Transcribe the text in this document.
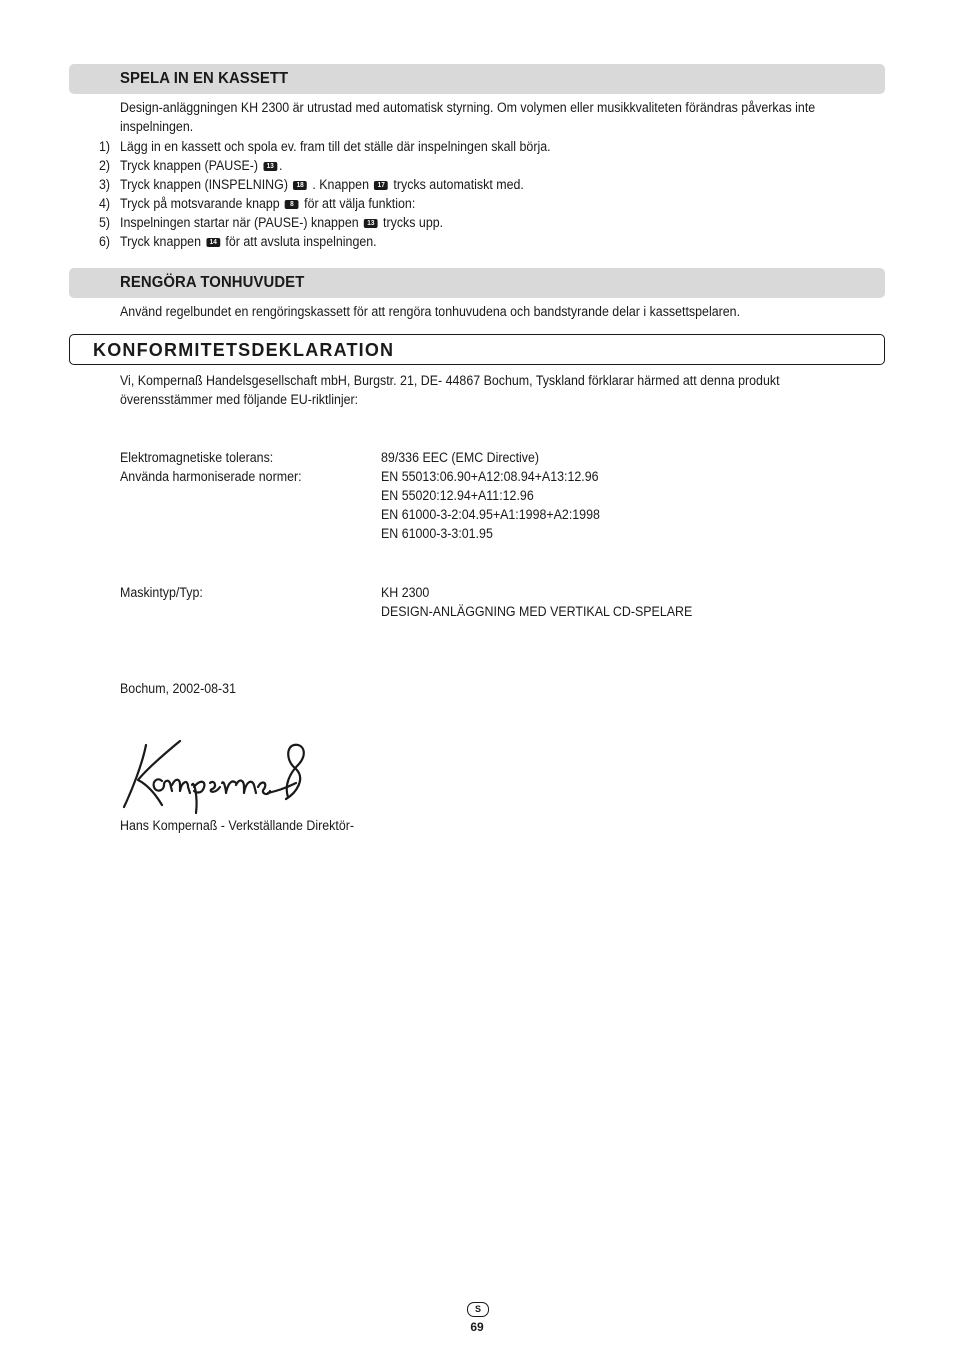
SPELA IN EN KASSETT
Design-anläggningen KH 2300 är utrustad med automatisk styrning. Om volymen eller musikkvaliteten förändras påverkas inte
inspelningen.
1) Lägg in en kassett och spola ev. fram till det ställe där inspelningen skall börja.
2) Tryck knappen (PAUSE-) 13 .
3) Tryck knappen (INSPELNING) 18 . Knappen 17 trycks automatiskt med.
4) Tryck på motsvarande knapp 8 för att välja funktion:
5) Inspelningen startar när (PAUSE-) knappen 13 trycks upp.
6) Tryck knappen 14 för att avsluta inspelningen.
RENGÖRA TONHUVUDET
Använd regelbundet en rengöringskassett för att rengöra tonhuvudena och bandstyrande delar i kassettspelaren.
KONFORMITETSDEKLARATION
Vi, Kompernaß Handelsgesellschaft mbH, Burgstr. 21, DE- 44867 Bochum, Tyskland förklarar härmed att denna produkt
överensstämmer med följande EU-riktlinjer:
Elektromagnetiske tolerans:	89/336 EEC (EMC Directive)
Använda harmoniserade normer:	EN 55013:06.90+A12:08.94+A13:12.96
EN 55020:12.94+A11:12.96
EN 61000-3-2:04.95+A1:1998+A2:1998
EN 61000-3-3:01.95
Maskintyp/Typ:	KH 2300
DESIGN-ANLÄGGNING MED VERTIKAL CD-SPELARE
Bochum, 2002-08-31
Hans Kompernaß - Verkställande Direktör-
S
69
